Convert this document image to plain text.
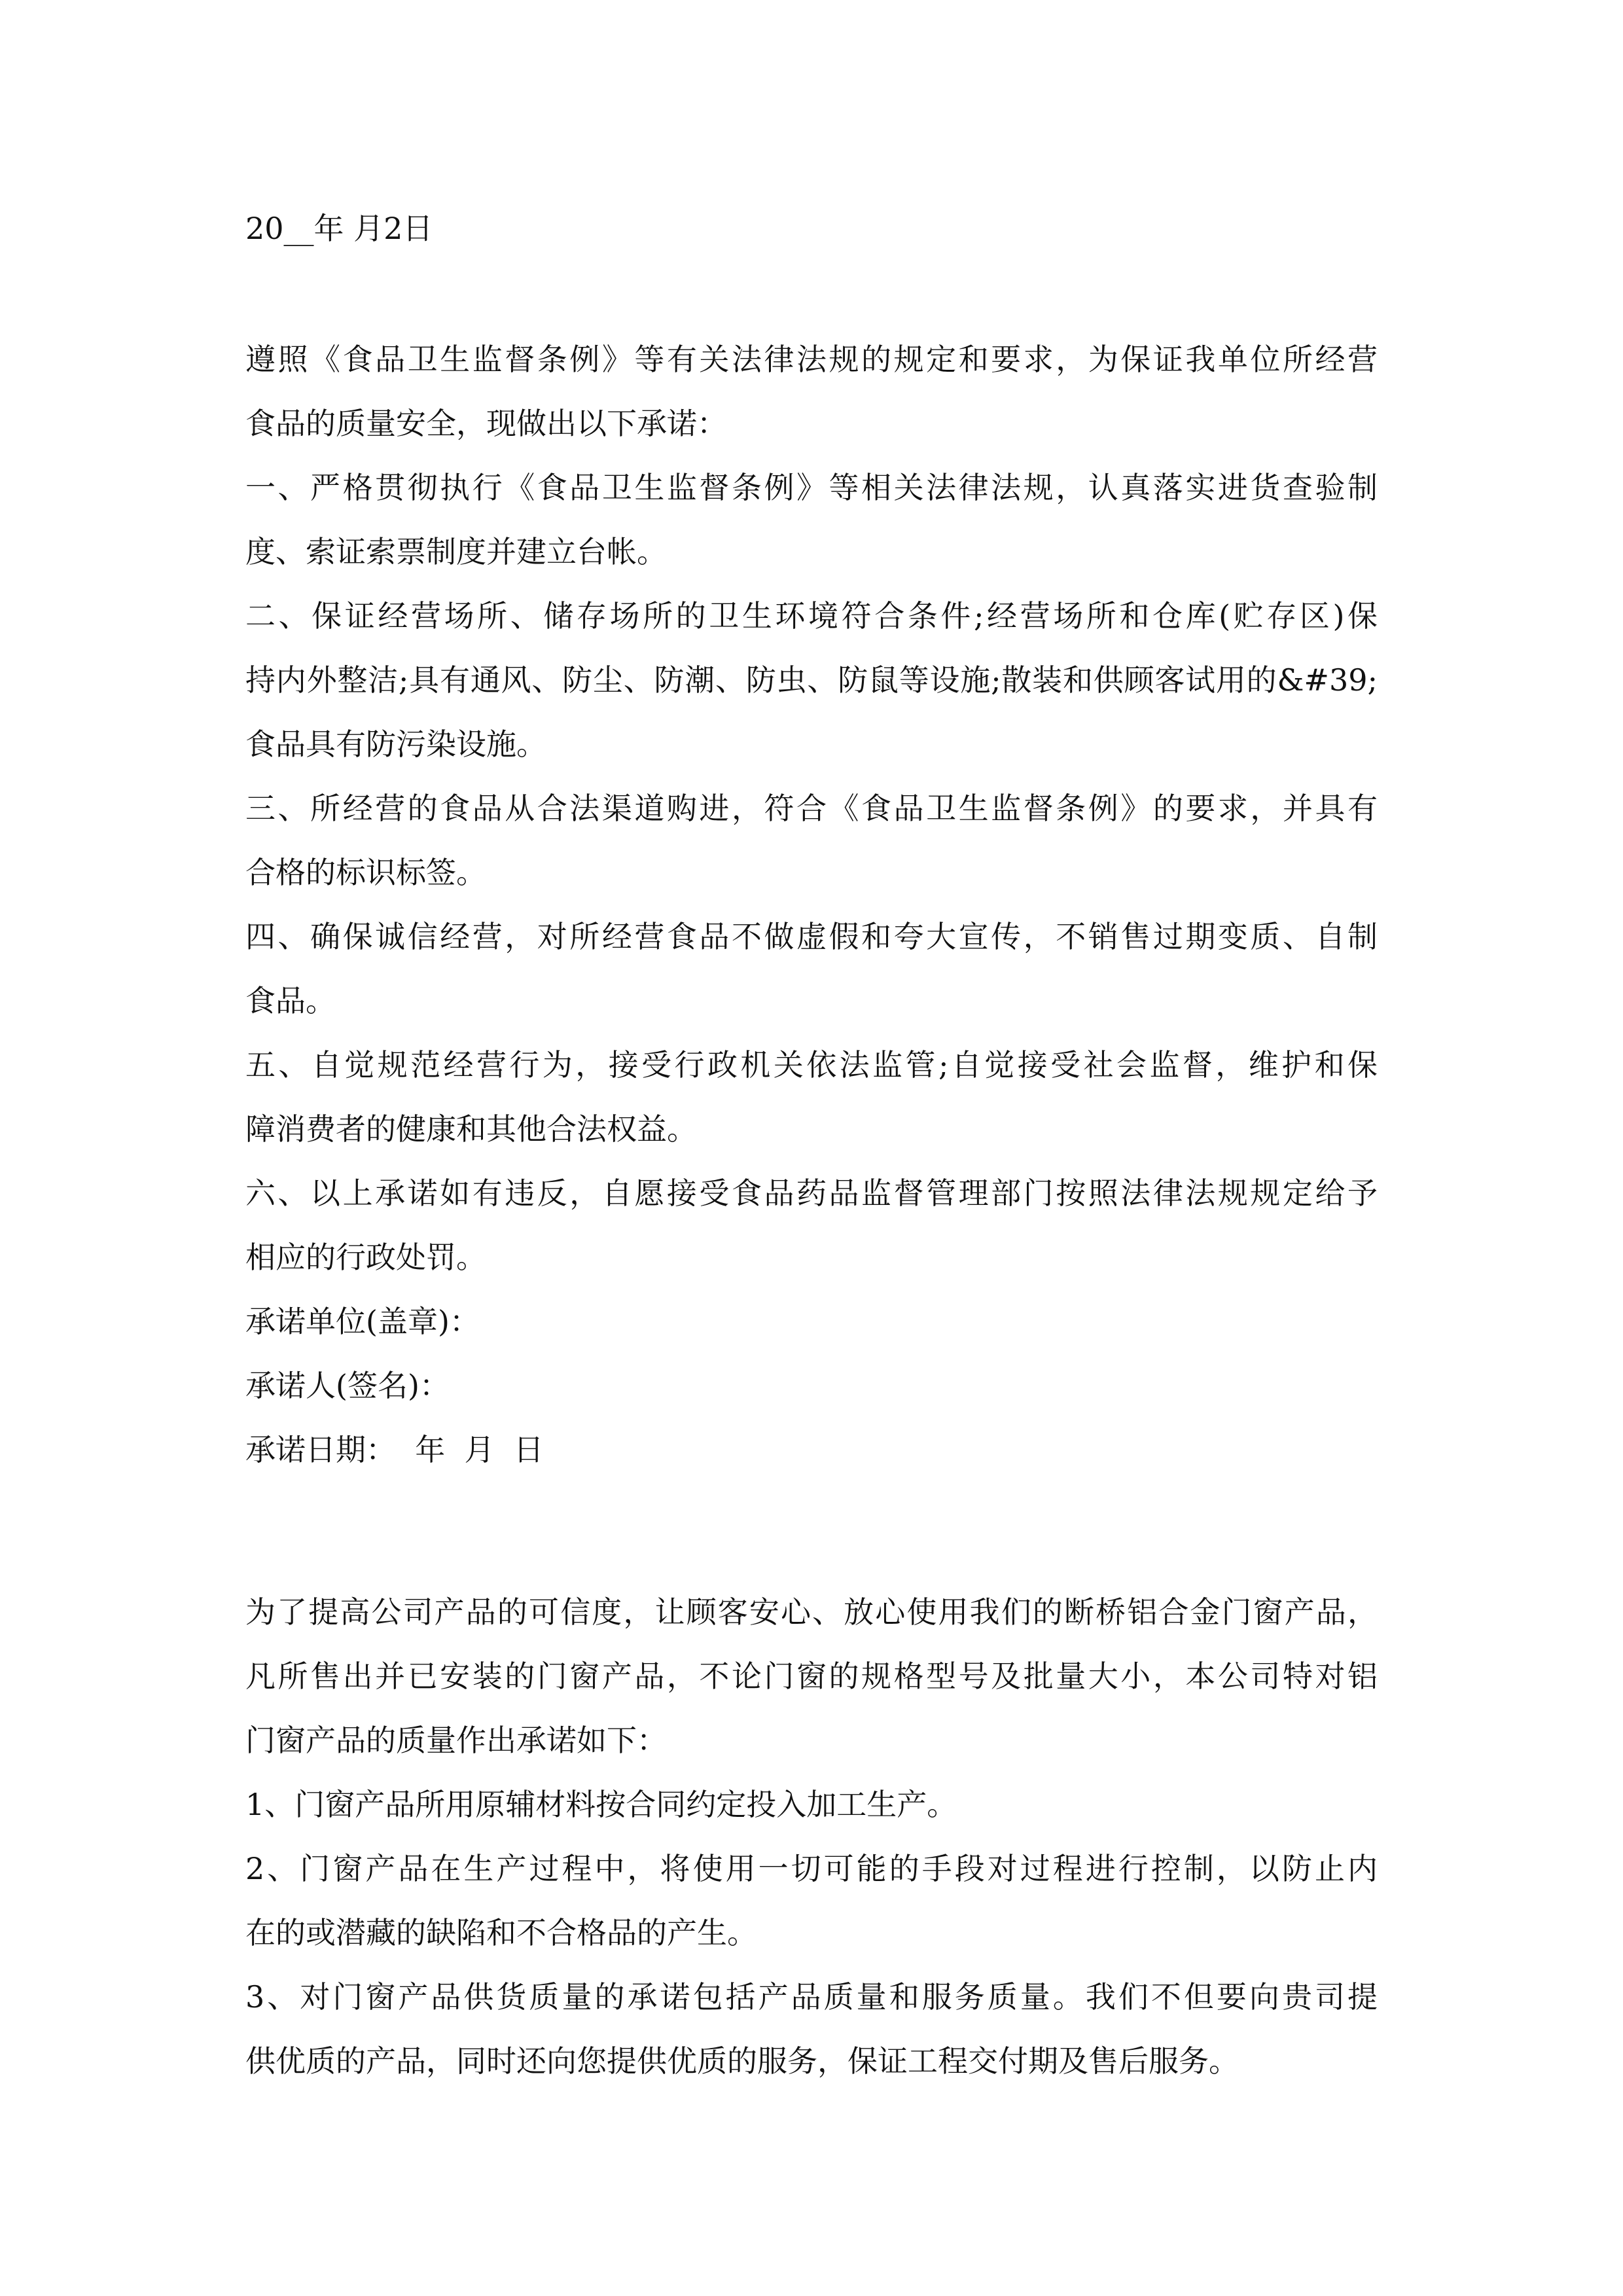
20__年 月2日
遵照《食品卫生监督条例》等有关法律法规的规定和要求，为保证我单位所经营
食品的质量安全，现做出以下承诺：
一、严格贯彻执行《食品卫生监督条例》等相关法律法规，认真落实进货查验制
度、索证索票制度并建立台帐。
二、保证经营场所、储存场所的卫生环境符合条件;经营场所和仓库(贮存区)保
持内外整洁;具有通风、防尘、防潮、防虫、防鼠等设施;散装和供顾客试用的&#39;
食品具有防污染设施。
三、所经营的食品从合法渠道购进，符合《食品卫生监督条例》的要求，并具有
合格的标识标签。
四、确保诚信经营，对所经营食品不做虚假和夸大宣传，不销售过期变质、自制
食品。
五、自觉规范经营行为，接受行政机关依法监管;自觉接受社会监督，维护和保
障消费者的健康和其他合法权益。
六、以上承诺如有违反，自愿接受食品药品监督管理部门按照法律法规规定给予
相应的行政处罚。
承诺单位(盖章)：
承诺人(签名)：
承诺日期：  年  月  日
为了提高公司产品的可信度，让顾客安心、放心使用我们的断桥铝合金门窗产品，
凡所售出并已安装的门窗产品，不论门窗的规格型号及批量大小，本公司特对铝
门窗产品的质量作出承诺如下：
1、门窗产品所用原辅材料按合同约定投入加工生产。
2、门窗产品在生产过程中，将使用一切可能的手段对过程进行控制，以防止内
在的或潜藏的缺陷和不合格品的产生。
3、对门窗产品供货质量的承诺包括产品质量和服务质量。我们不但要向贵司提
供优质的产品，同时还向您提供优质的服务，保证工程交付期及售后服务。
